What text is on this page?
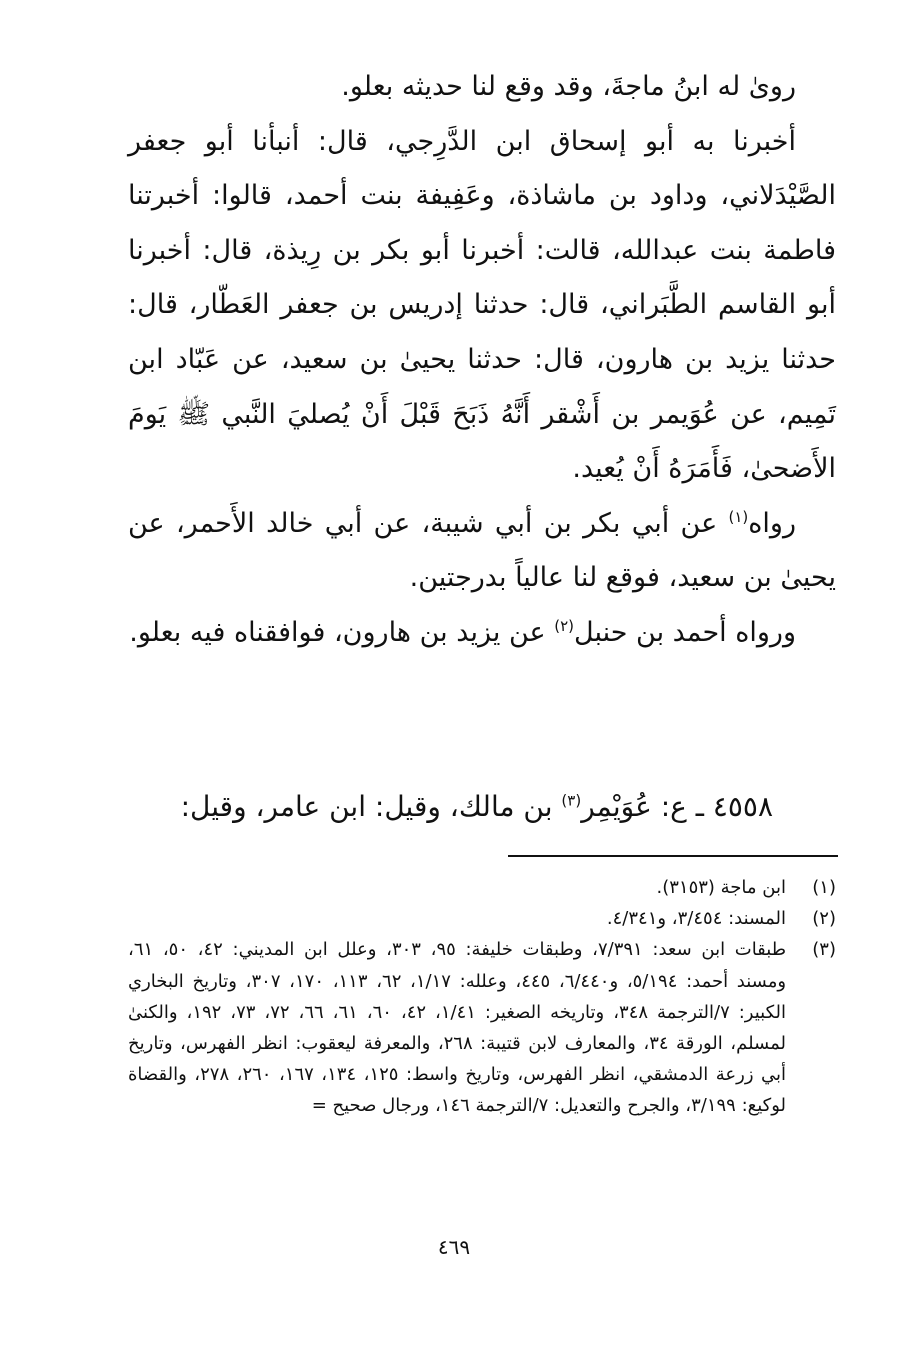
رویٰ له ابنُ ماجةَ، وقد وقع لنا حديثه بعلو.

أخبرنا به أبو إسحاق ابن الدَّرِجي، قال: أنبأنا أبو جعفر الصَّيْدَلاني، وداود بن ماشاذة، وعَفِيفة بنت أحمد، قالوا: أخبرتنا فاطمة بنت عبدالله، قالت: أخبرنا أبو بكر بن رِيذة، قال: أخبرنا أبو القاسم الطَّبَراني، قال: حدثنا إدريس بن جعفر العَطّار، قال: حدثنا يزيد بن هارون، قال: حدثنا يحيىٰ بن سعيد، عن عَبّاد ابن تَمِيم، عن عُوَيمر بن أَشْقر أَنَّهُ ذَبَحَ قَبْلَ أَنْ يُصليَ النَّبي ﷺ يَومَ الأَضحىٰ، فَأَمَرَهُ أَنْ يُعيد.

رواه$^{(١)}$ عن أبي بكر بن أبي شيبة، عن أبي خالد الأَحمر، عن يحيىٰ بن سعيد، فوقع لنا عالياً بدرجتين.

ورواه أحمد بن حنبل$^{(٢)}$ عن يزيد بن هارون، فوافقناه فيه بعلو.

٤٥٥٨ ـ ع: عُوَيْمِر$^{(٣)}$ بن مالك، وقيل: ابن عامر، وقيل:
(١)
ابن ماجة (٣١٥٣).
(٢)
المسند: ٣/٤٥٤، و٤/٣٤١.
(٣)
طبقات ابن سعد: ٧/٣٩١، وطبقات خليفة: ٩٥، ٣٠٣، وعلل ابن المديني: ٤٢، ٥٠، ٦١، ومسند أحمد: ٥/١٩٤، و٦/٤٤٠، ٤٤٥، وعلله: ١/١٧، ٦٢، ١١٣، ١٧٠، ٣٠٧، وتاريخ البخاري الكبير: ٧/الترجمة ٣٤٨، وتاريخه الصغير: ١/٤١، ٤٢، ٦٠، ٦١، ٦٦، ٧٢، ٧٣، ١٩٢، والكنىٰ لمسلم، الورقة ٣٤، والمعارف لابن قتيبة: ٢٦٨، والمعرفة ليعقوب: انظر الفهرس، وتاريخ أبي زرعة الدمشقي، انظر الفهرس، وتاريخ واسط: ١٢٥، ١٣٤، ١٦٧، ٢٦٠، ٢٧٨، والقضاة لوكيع: ٣/١٩٩، والجرح والتعديل: ٧/الترجمة ١٤٦، ورجال صحيح =
٤٦٩
